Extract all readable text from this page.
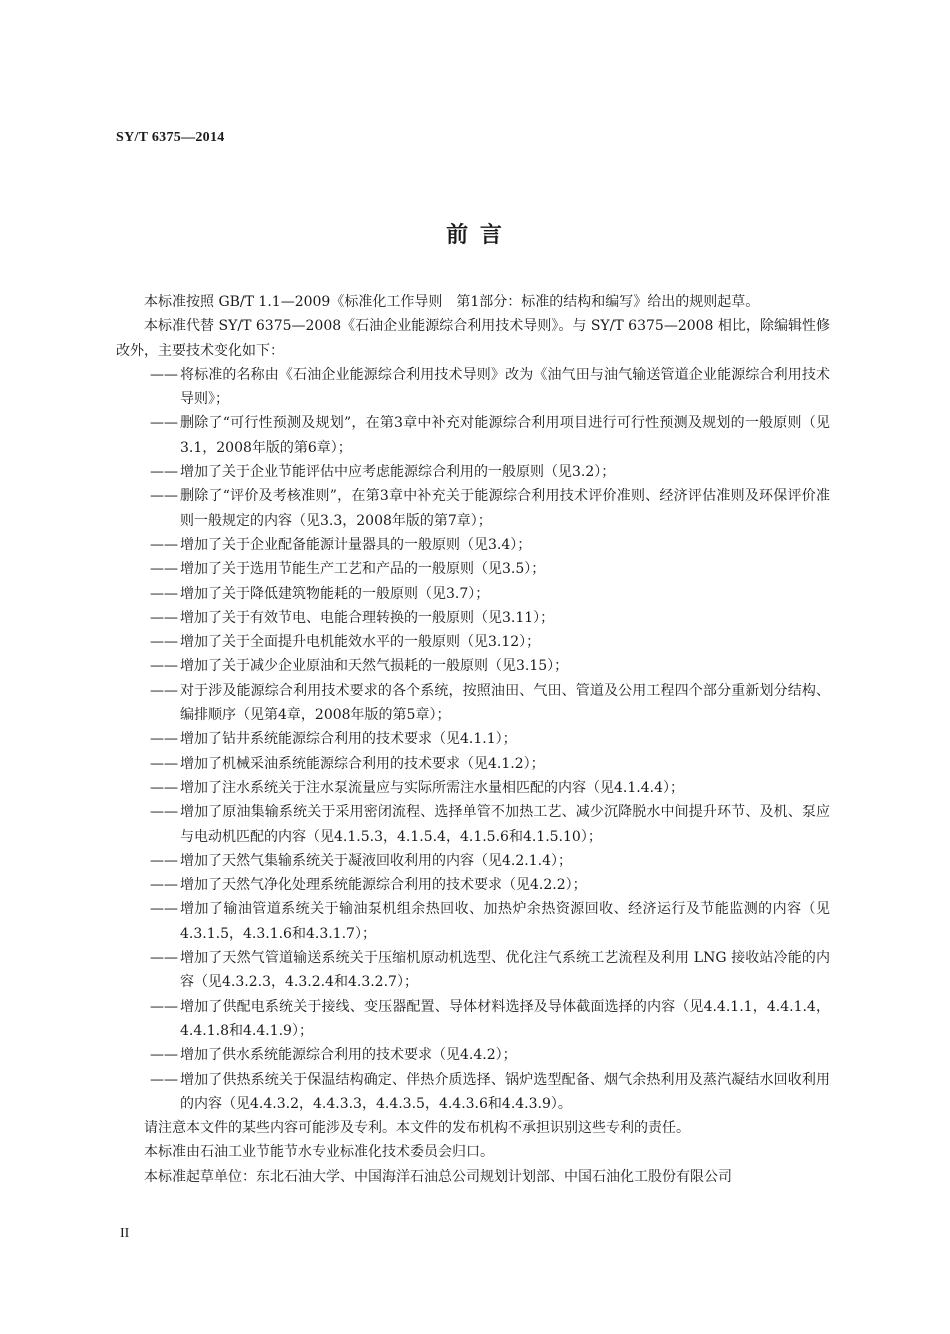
SY/T 6375—2014
前 言

本标准按照 GB/T 1.1—2009《标准化工作导则　第1部分：标准的结构和编写》给出的规则起草。

本标准代替 SY/T 6375—2008《石油企业能源综合利用技术导则》。与 SY/T 6375—2008 相比，除编辑性修改外，主要技术变化如下：

—— 将标准的名称由《石油企业能源综合利用技术导则》改为《油气田与油气输送管道企业能源综合利用技术导则》；

—— 删除了“可行性预测及规划”，在第3章中补充对能源综合利用项目进行可行性预测及规划的一般原则（见3.1，2008年版的第6章）；

—— 增加了关于企业节能评估中应考虑能源综合利用的一般原则（见3.2）；

—— 删除了“评价及考核准则”，在第3章中补充关于能源综合利用技术评价准则、经济评估准则及环保评价准则一般规定的内容（见3.3，2008年版的第7章）；

—— 增加了关于企业配备能源计量器具的一般原则（见3.4）；

—— 增加了关于选用节能生产工艺和产品的一般原则（见3.5）；

—— 增加了关于降低建筑物能耗的一般原则（见3.7）；

—— 增加了关于有效节电、电能合理转换的一般原则（见3.11）；

—— 增加了关于全面提升电机能效水平的一般原则（见3.12）；

—— 增加了关于减少企业原油和天然气损耗的一般原则（见3.15）；

—— 对于涉及能源综合利用技术要求的各个系统，按照油田、气田、管道及公用工程四个部分重新划分结构、编排顺序（见第4章，2008年版的第5章）；

—— 增加了钻井系统能源综合利用的技术要求（见4.1.1）；

—— 增加了机械采油系统能源综合利用的技术要求（见4.1.2）；

—— 增加了注水系统关于注水泵流量应与实际所需注水量相匹配的内容（见4.1.4.4）；

—— 增加了原油集输系统关于采用密闭流程、选择单管不加热工艺、减少沉降脱水中间提升环节、及机、泵应与电动机匹配的内容（见4.1.5.3，4.1.5.4，4.1.5.6和4.1.5.10）；

—— 增加了天然气集输系统关于凝液回收利用的内容（见4.2.1.4）；

—— 增加了天然气净化处理系统能源综合利用的技术要求（见4.2.2）；

—— 增加了输油管道系统关于输油泵机组余热回收、加热炉余热资源回收、经济运行及节能监测的内容（见4.3.1.5，4.3.1.6和4.3.1.7）；

—— 增加了天然气管道输送系统关于压缩机原动机选型、优化注气系统工艺流程及利用 LNG 接收站冷能的内容（见4.3.2.3，4.3.2.4和4.3.2.7）；

—— 增加了供配电系统关于接线、变压器配置、导体材料选择及导体截面选择的内容（见4.4.1.1，4.4.1.4，4.4.1.8和4.4.1.9）；

—— 增加了供水系统能源综合利用的技术要求（见4.4.2）；

—— 增加了供热系统关于保温结构确定、伴热介质选择、锅炉选型配备、烟气余热利用及蒸汽凝结水回收利用的内容（见4.4.3.2，4.4.3.3，4.4.3.5，4.4.3.6和4.4.3.9）。

请注意本文件的某些内容可能涉及专利。本文件的发布机构不承担识别这些专利的责任。

本标准由石油工业节能节水专业标准化技术委员会归口。

本标准起草单位：东北石油大学、中国海洋石油总公司规划计划部、中国石油化工股份有限公司

II
